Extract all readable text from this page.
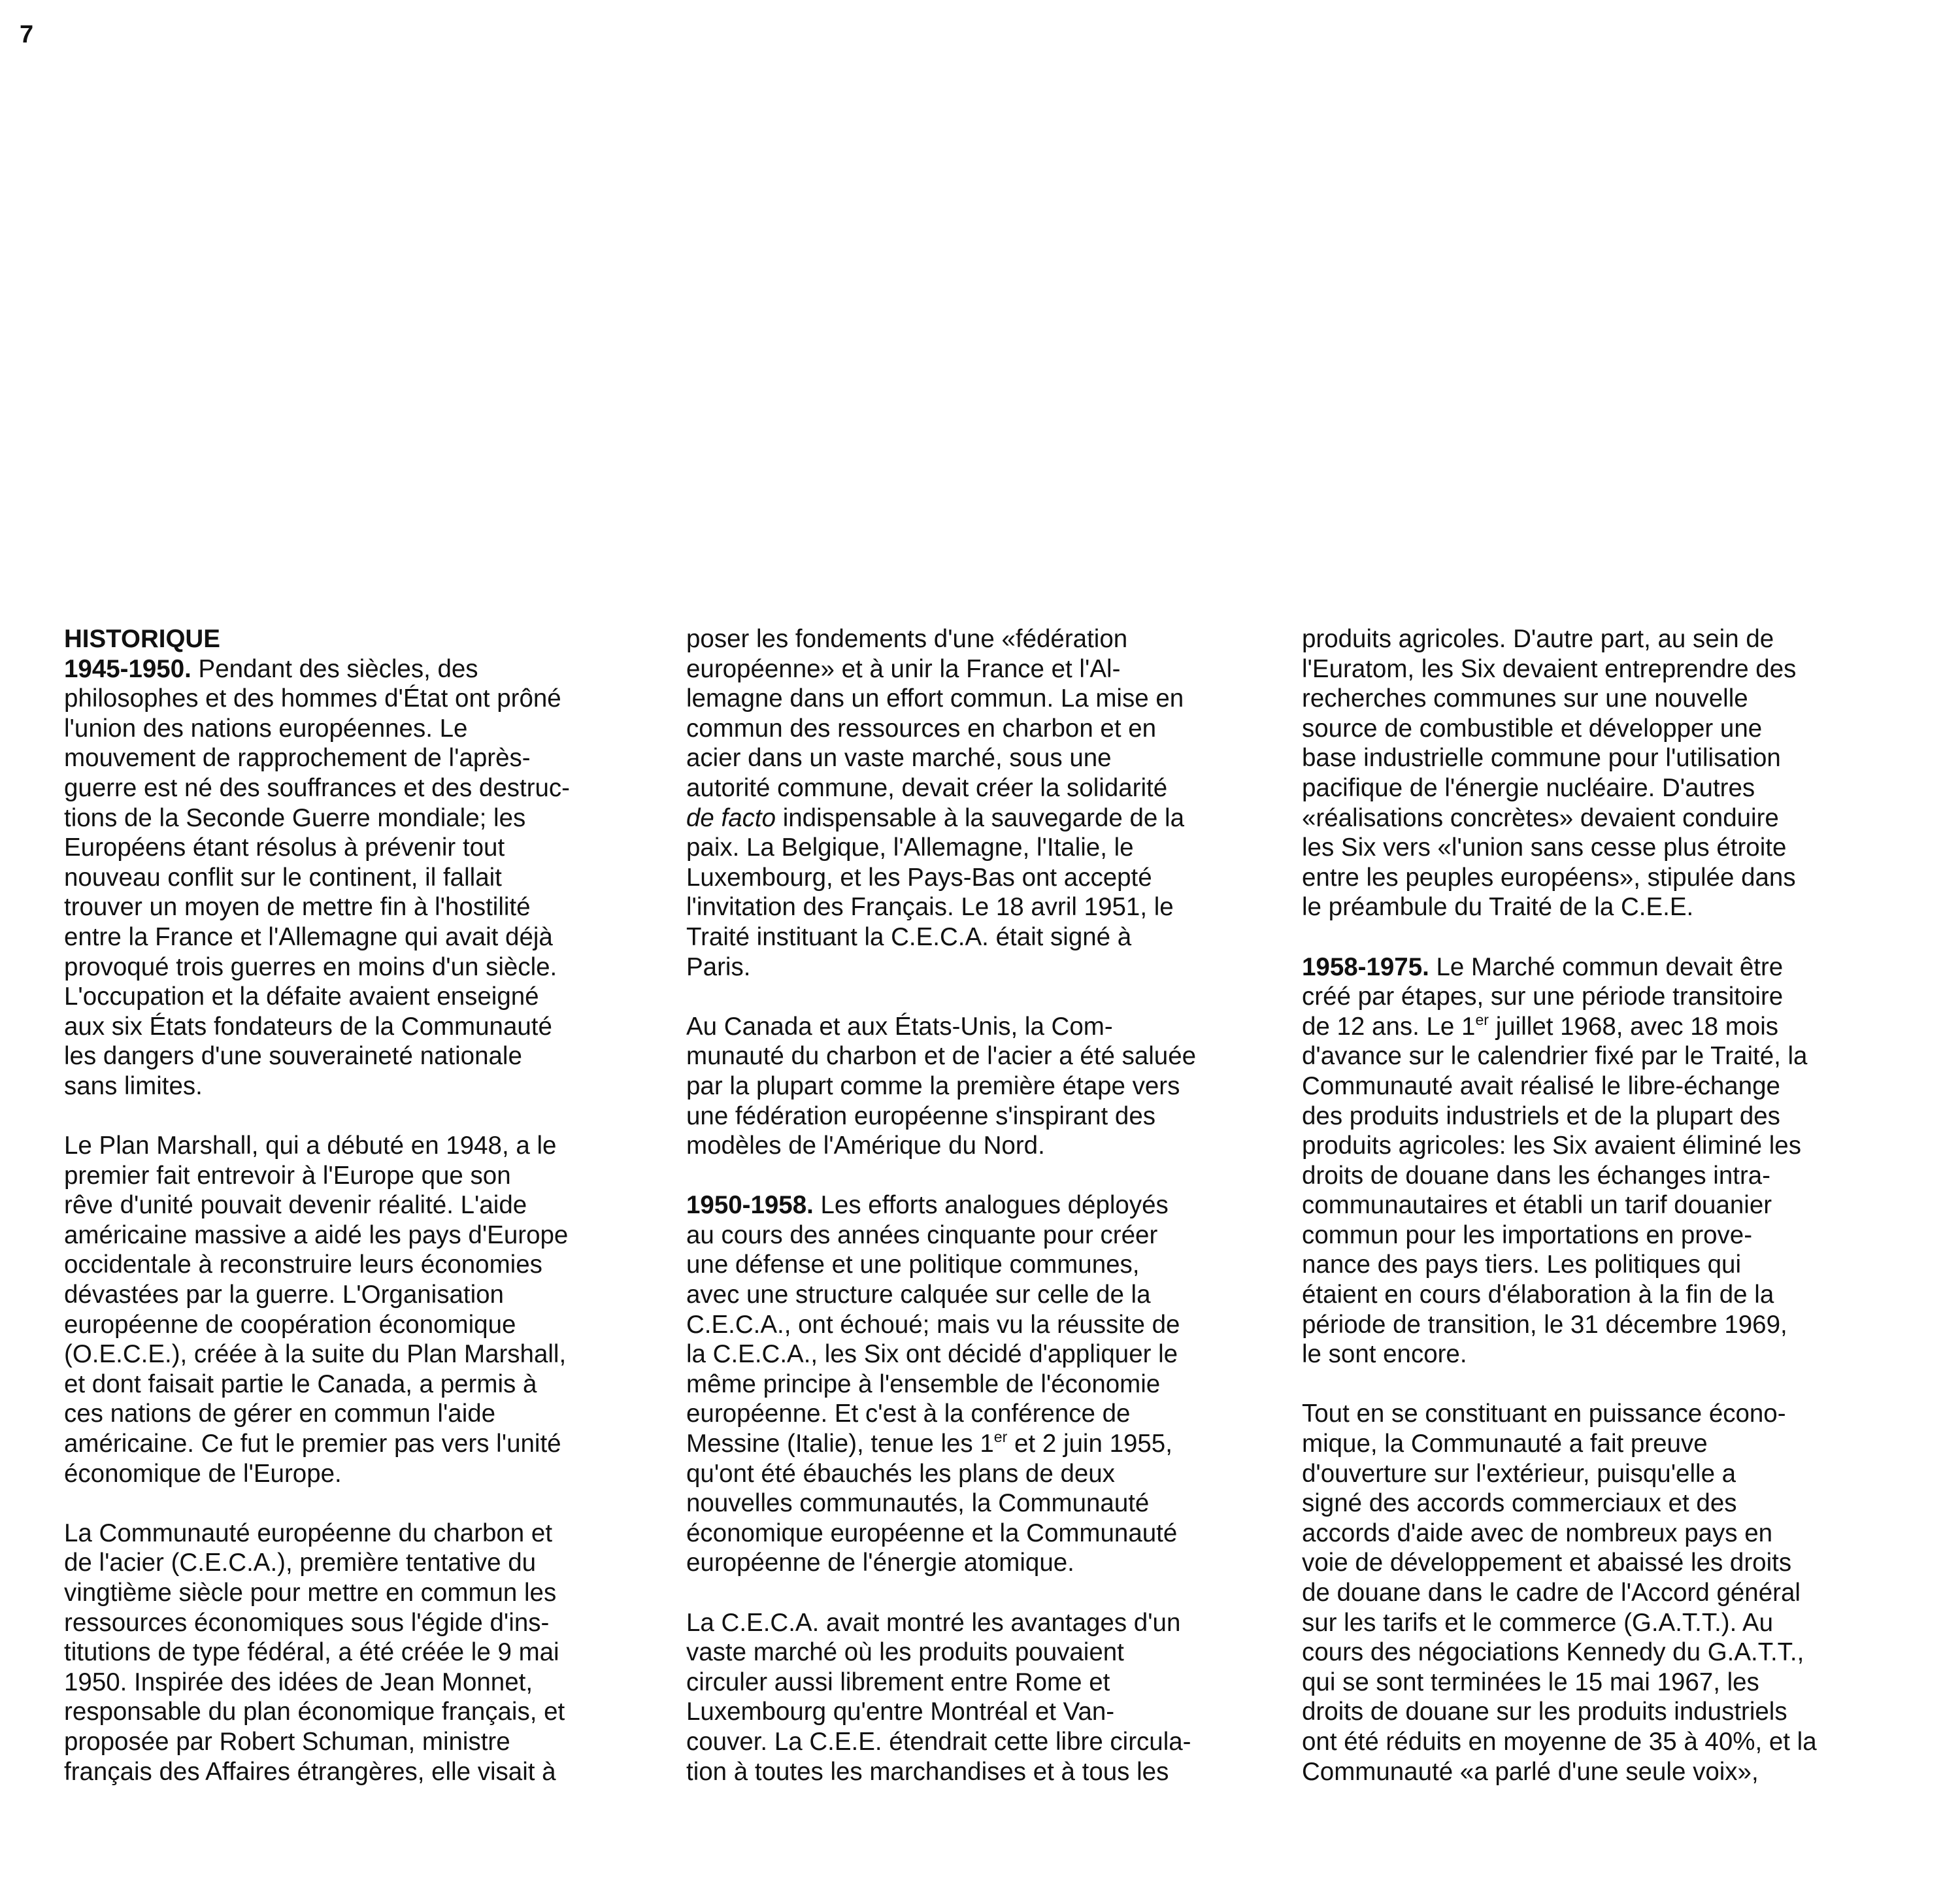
7
HISTORIQUE
1945-1950. Pendant des siècles, des
philosophes et des hommes d'État ont prôné
l'union des nations européennes. Le
mouvement de rapprochement de l'après-
guerre est né des souffrances et des destruc-
tions de la Seconde Guerre mondiale; les
Européens étant résolus à prévenir tout
nouveau conflit sur le continent, il fallait
trouver un moyen de mettre fin à l'hostilité
entre la France et l'Allemagne qui avait déjà
provoqué trois guerres en moins d'un siècle.
L'occupation et la défaite avaient enseigné
aux six États fondateurs de la Communauté
les dangers d'une souveraineté nationale
sans limites.
Le Plan Marshall, qui a débuté en 1948, a le
premier fait entrevoir à l'Europe que son
rêve d'unité pouvait devenir réalité. L'aide
américaine massive a aidé les pays d'Europe
occidentale à reconstruire leurs économies
dévastées par la guerre. L'Organisation
européenne de coopération économique
(O.E.C.E.), créée à la suite du Plan Marshall,
et dont faisait partie le Canada, a permis à
ces nations de gérer en commun l'aide
américaine. Ce fut le premier pas vers l'unité
économique de l'Europe.
La Communauté européenne du charbon et
de l'acier (C.E.C.A.), première tentative du
vingtième siècle pour mettre en commun les
ressources économiques sous l'égide d'ins-
titutions de type fédéral, a été créée le 9 mai
1950. Inspirée des idées de Jean Monnet,
responsable du plan économique français, et
proposée par Robert Schuman, ministre
français des Affaires étrangères, elle visait à
poser les fondements d'une «fédération
européenne» et à unir la France et l'Al-
lemagne dans un effort commun. La mise en
commun des ressources en charbon et en
acier dans un vaste marché, sous une
autorité commune, devait créer la solidarité
de facto indispensable à la sauvegarde de la
paix. La Belgique, l'Allemagne, l'Italie, le
Luxembourg, et les Pays-Bas ont accepté
l'invitation des Français. Le 18 avril 1951, le
Traité instituant la C.E.C.A. était signé à
Paris.
Au Canada et aux États-Unis, la Com-
munauté du charbon et de l'acier a été saluée
par la plupart comme la première étape vers
une fédération européenne s'inspirant des
modèles de l'Amérique du Nord.
1950-1958. Les efforts analogues déployés
au cours des années cinquante pour créer
une défense et une politique communes,
avec une structure calquée sur celle de la
C.E.C.A., ont échoué; mais vu la réussite de
la C.E.C.A., les Six ont décidé d'appliquer le
même principe à l'ensemble de l'économie
européenne. Et c'est à la conférence de
Messine (Italie), tenue les 1er et 2 juin 1955,
qu'ont été ébauchés les plans de deux
nouvelles communautés, la Communauté
économique européenne et la Communauté
européenne de l'énergie atomique.
La C.E.C.A. avait montré les avantages d'un
vaste marché où les produits pouvaient
circuler aussi librement entre Rome et
Luxembourg qu'entre Montréal et Van-
couver. La C.E.E. étendrait cette libre circula-
tion à toutes les marchandises et à tous les
produits agricoles. D'autre part, au sein de
l'Euratom, les Six devaient entreprendre des
recherches communes sur une nouvelle
source de combustible et développer une
base industrielle commune pour l'utilisation
pacifique de l'énergie nucléaire. D'autres
«réalisations concrètes» devaient conduire
les Six vers «l'union sans cesse plus étroite
entre les peuples européens», stipulée dans
le préambule du Traité de la C.E.E.
1958-1975. Le Marché commun devait être
créé par étapes, sur une période transitoire
de 12 ans. Le 1er juillet 1968, avec 18 mois
d'avance sur le calendrier fixé par le Traité, la
Communauté avait réalisé le libre-échange
des produits industriels et de la plupart des
produits agricoles: les Six avaient éliminé les
droits de douane dans les échanges intra-
communautaires et établi un tarif douanier
commun pour les importations en prove-
nance des pays tiers. Les politiques qui
étaient en cours d'élaboration à la fin de la
période de transition, le 31 décembre 1969,
le sont encore.
Tout en se constituant en puissance écono-
mique, la Communauté a fait preuve
d'ouverture sur l'extérieur, puisqu'elle a
signé des accords commerciaux et des
accords d'aide avec de nombreux pays en
voie de développement et abaissé les droits
de douane dans le cadre de l'Accord général
sur les tarifs et le commerce (G.A.T.T.). Au
cours des négociations Kennedy du G.A.T.T.,
qui se sont terminées le 15 mai 1967, les
droits de douane sur les produits industriels
ont été réduits en moyenne de 35 à 40%, et la
Communauté «a parlé d'une seule voix»,
